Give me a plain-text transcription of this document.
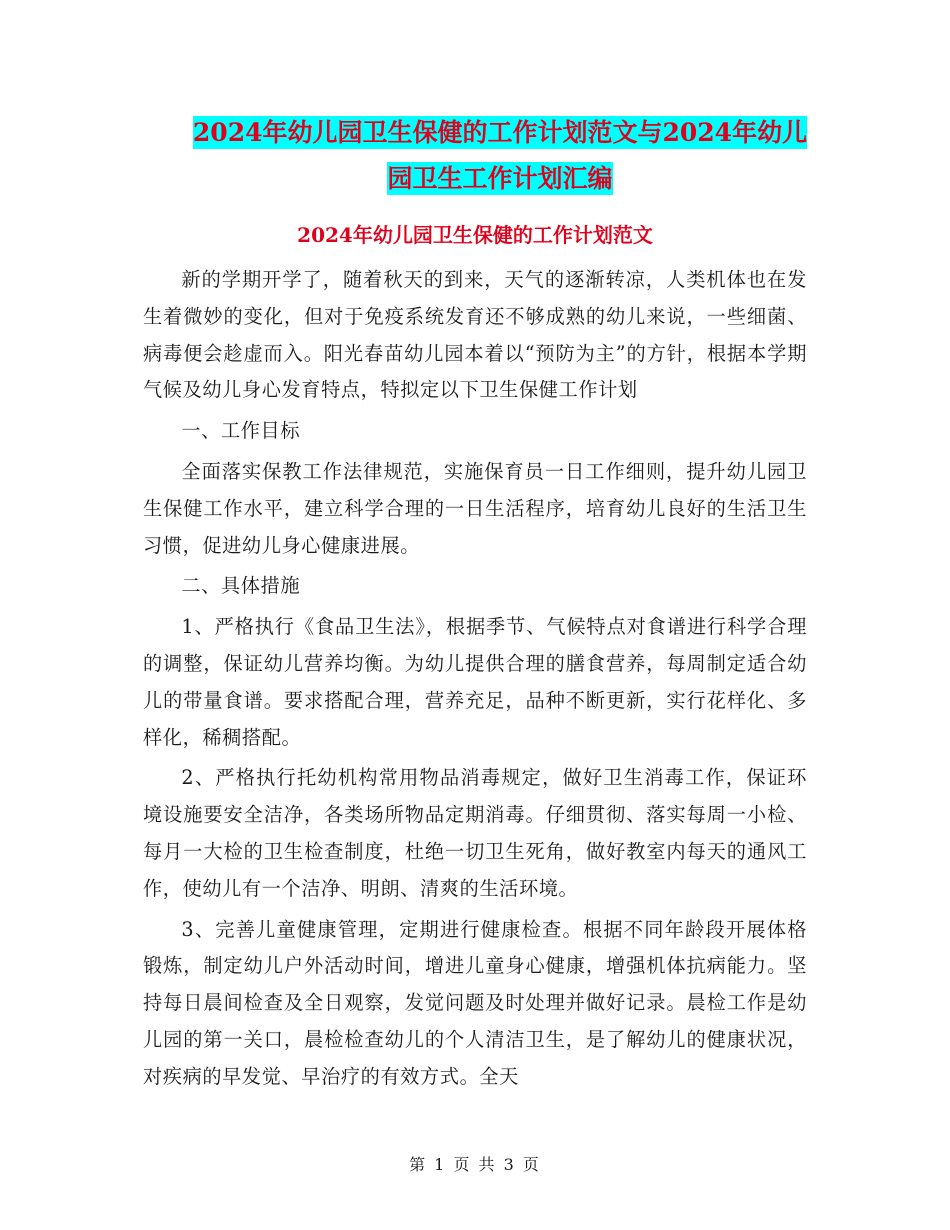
2024年幼儿园卫生保健的工作计划范文与2024年幼儿
园卫生工作计划汇编
2024年幼儿园卫生保健的工作计划范文

新的学期开学了，随着秋天的到来，天气的逐渐转凉，人类机体也在发生着微妙的变化，但对于免疫系统发育还不够成熟的幼儿来说，一些细菌、病毒便会趁虚而入。阳光春苗幼儿园本着以“预防为主”的方针，根据本学期气候及幼儿身心发育特点，特拟定以下卫生保健工作计划

一、工作目标

全面落实保教工作法律规范，实施保育员一日工作细则，提升幼儿园卫生保健工作水平，建立科学合理的一日生活程序，培育幼儿良好的生活卫生习惯，促进幼儿身心健康进展。

二、具体措施

1、严格执行《食品卫生法》，根据季节、气候特点对食谱进行科学合理的调整，保证幼儿营养均衡。为幼儿提供合理的膳食营养，每周制定适合幼儿的带量食谱。要求搭配合理，营养充足，品种不断更新，实行花样化、多样化，稀稠搭配。

2、严格执行托幼机构常用物品消毒规定，做好卫生消毒工作，保证环境设施要安全洁净，各类场所物品定期消毒。仔细贯彻、落实每周一小检、每月一大检的卫生检查制度，杜绝一切卫生死角，做好教室内每天的通风工作，使幼儿有一个洁净、明朗、清爽的生活环境。

3、完善儿童健康管理，定期进行健康检查。根据不同年龄段开展体格锻炼，制定幼儿户外活动时间，增进儿童身心健康，增强机体抗病能力。坚持每日晨间检查及全日观察，发觉问题及时处理并做好记录。晨检工作是幼儿园的第一关口，晨检检查幼儿的个人清洁卫生，是了解幼儿的健康状况，对疾病的早发觉、早治疗的有效方式。全天

第 1 页 共 3 页
